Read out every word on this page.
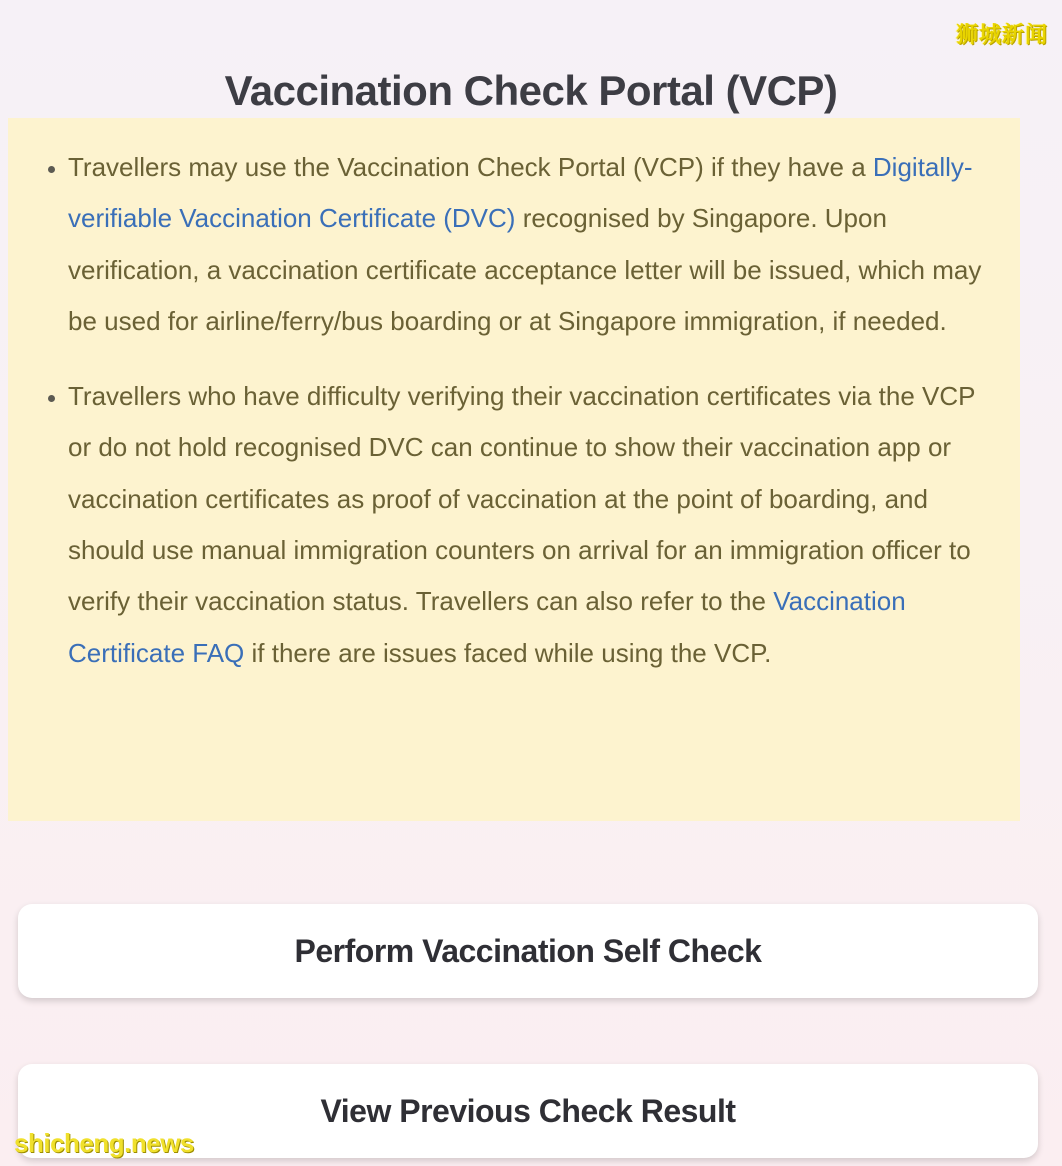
Vaccination Check Portal (VCP)
狮城新闻
• Travellers may use the Vaccination Check Portal (VCP) if they have a Digitally-verifiable Vaccination Certificate (DVC) recognised by Singapore. Upon verification, a vaccination certificate acceptance letter will be issued, which may be used for airline/ferry/bus boarding or at Singapore immigration, if needed.
• Travellers who have difficulty verifying their vaccination certificates via the VCP or do not hold recognised DVC can continue to show their vaccination app or vaccination certificates as proof of vaccination at the point of boarding, and should use manual immigration counters on arrival for an immigration officer to verify their vaccination status. Travellers can also refer to the Vaccination Certificate FAQ if there are issues faced while using the VCP.
Perform Vaccination Self Check
View Previous Check Result
shicheng.news
